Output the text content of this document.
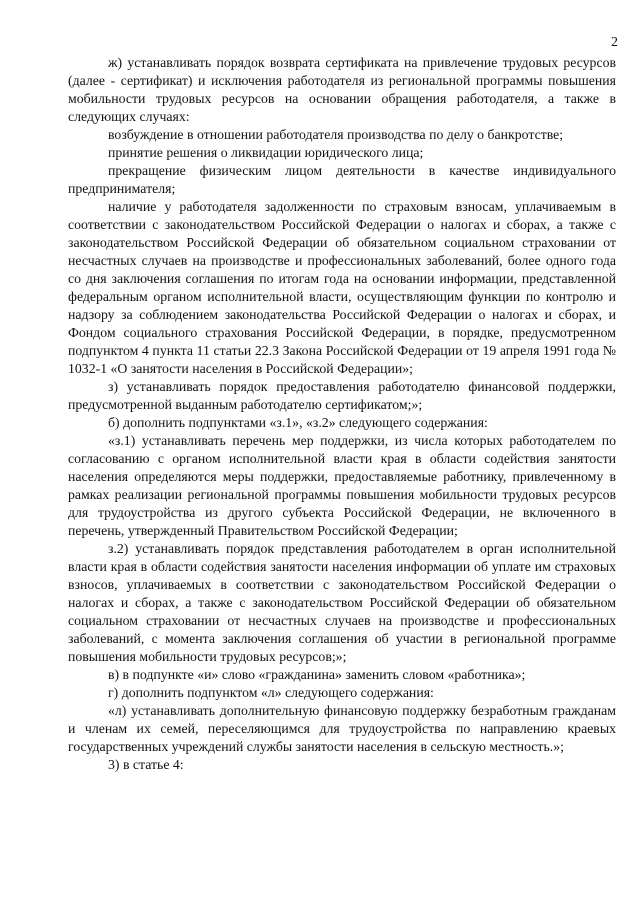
2

ж) устанавливать порядок возврата сертификата на привлечение трудовых ресурсов (далее - сертификат) и исключения работодателя из региональной программы повышения мобильности трудовых ресурсов на основании обращения работодателя, а также в следующих случаях:

возбуждение в отношении работодателя производства по делу о банкротстве;

принятие решения о ликвидации юридического лица;

прекращение физическим лицом деятельности в качестве индивидуального предпринимателя;

наличие у работодателя задолженности по страховым взносам, уплачиваемым в соответствии с законодательством Российской Федерации о налогах и сборах, а также с законодательством Российской Федерации об обязательном социальном страховании от несчастных случаев на производстве и профессиональных заболеваний, более одного года со дня заключения соглашения по итогам года на основании информации, представленной федеральным органом исполнительной власти, осуществляющим функции по контролю и надзору за соблюдением законодательства Российской Федерации о налогах и сборах, и Фондом социального страхования Российской Федерации, в порядке, предусмотренном подпунктом 4 пункта 11 статьи 22.3 Закона Российской Федерации от 19 апреля 1991 года № 1032-1 «О занятости населения в Российской Федерации»;

з) устанавливать порядок предоставления работодателю финансовой поддержки, предусмотренной выданным работодателю сертификатом;»;

б) дополнить подпунктами «з.1», «з.2» следующего содержания:

«з.1) устанавливать перечень мер поддержки, из числа которых работодателем по согласованию с органом исполнительной власти края в области содействия занятости населения определяются меры поддержки, предоставляемые работнику, привлеченному в рамках реализации региональной программы повышения мобильности трудовых ресурсов для трудоустройства из другого субъекта Российской Федерации, не включенного в перечень, утвержденный Правительством Российской Федерации;

з.2) устанавливать порядок представления работодателем в орган исполнительной власти края в области содействия занятости населения информации об уплате им страховых взносов, уплачиваемых в соответствии с законодательством Российской Федерации о налогах и сборах, а также с законодательством Российской Федерации об обязательном социальном страховании от несчастных случаев на производстве и профессиональных заболеваний, с момента заключения соглашения об участии в региональной программе повышения мобильности трудовых ресурсов;»;

в) в подпункте «и» слово «гражданина» заменить словом «работника»;

г) дополнить подпунктом «л» следующего содержания:

«л) устанавливать дополнительную финансовую поддержку безработным гражданам и членам их семей, переселяющимся для трудоустройства по направлению краевых государственных учреждений службы занятости населения в сельскую местность.»;

3) в статье 4:
